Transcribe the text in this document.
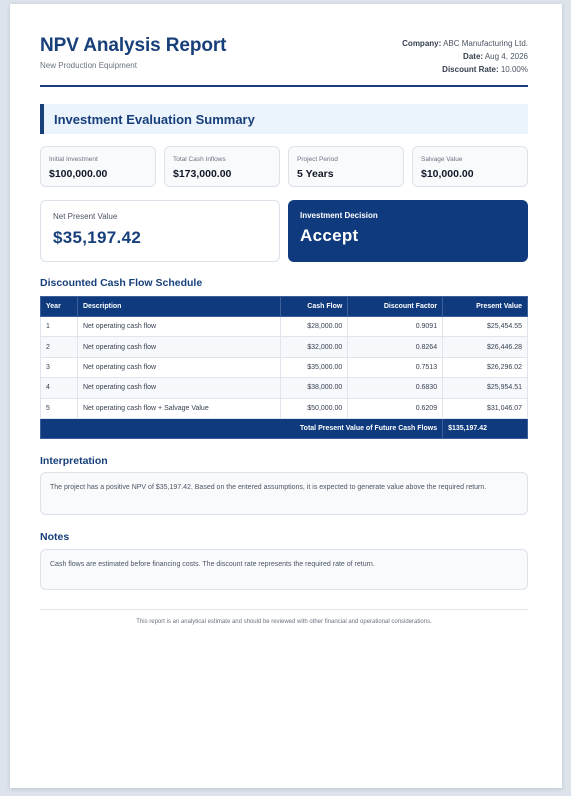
NPV Analysis Report
New Production Equipment
Company: ABC Manufacturing Ltd.
Date: Aug 4, 2026
Discount Rate: 10.00%
Investment Evaluation Summary
Initial Investment
$100,000.00
Total Cash Inflows
$173,000.00
Project Period
5 Years
Salvage Value
$10,000.00
Net Present Value
$35,197.42
Investment Decision
Accept
Discounted Cash Flow Schedule
Year	Description	Cash Flow	Discount Factor	Present Value
1	Net operating cash flow	$28,000.00	0.9091	$25,454.55
2	Net operating cash flow	$32,000.00	0.8264	$26,446.28
3	Net operating cash flow	$35,000.00	0.7513	$26,296.02
4	Net operating cash flow	$38,000.00	0.6830	$25,954.51
5	Net operating cash flow + Salvage Value	$50,000.00	0.6209	$31,046.07
Total Present Value of Future Cash Flows				$135,197.42
Interpretation

The project has a positive NPV of $35,197.42. Based on the entered assumptions, it is expected to generate value above the required return.

Notes

Cash flows are estimated before financing costs. The discount rate represents the required rate of return.

This report is an analytical estimate and should be reviewed with other financial and operational considerations.
